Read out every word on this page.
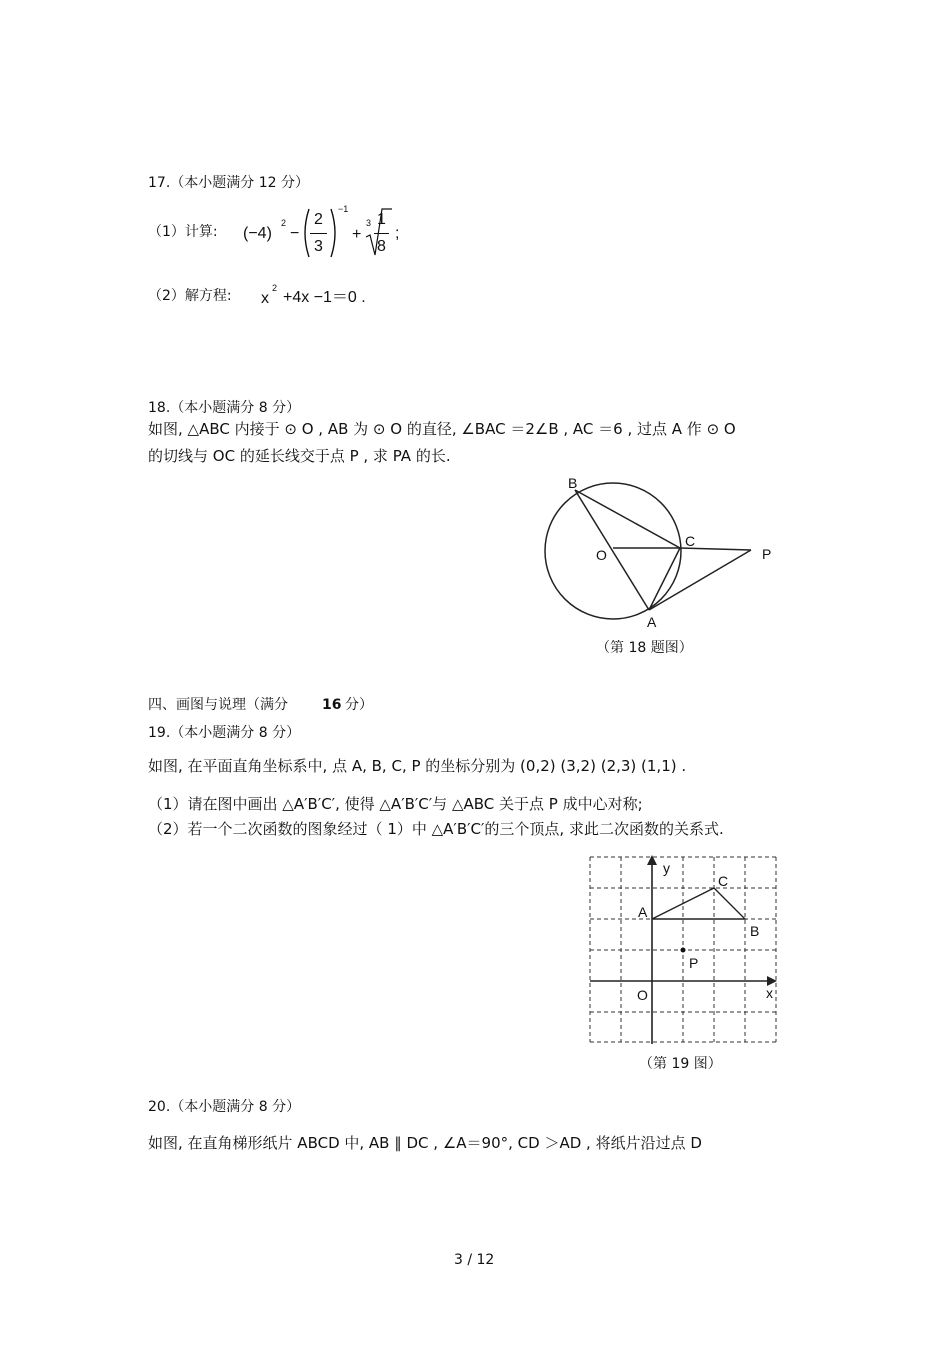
17.（本小题满分 12 分）
（1）计算: (−4)
2
−
2
3
−1
+
3 1
8
;
（2）解方程: x
2
+4x −1＝0 .
18.（本小题满分 8 分）
如图, △ABC 内接于 ⊙ O , AB 为 ⊙ O 的直径, ∠BAC ＝2∠B , AC ＝6 , 过点 A 作 ⊙ O
的切线与 OC 的延长线交于点 P , 求 PA 的长.
B
C
O	P
A
（第 18 题图）
四、画图与说理（满分 16 分）
19.（本小题满分 8 分）
如图, 在平面直角坐标系中, 点 A, B, C, P 的坐标分别为 (0,2) (3,2) (2,3) (1,1) .
（1）请在图中画出 △A′B′C′, 使得 △A′B′C′与 △ABC 关于点 P 成中心对称;
（2）若一个二次函数的图象经过（ 1）中 △A′B′C′的三个顶点, 求此二次函数的关系式.
y
C
A
B
P
O	x
（第 19 图）
20.（本小题满分 8 分）
如图, 在直角梯形纸片 ABCD 中, AB ∥ DC , ∠A＝90°, CD ＞AD , 将纸片沿过点 D
3 / 12
